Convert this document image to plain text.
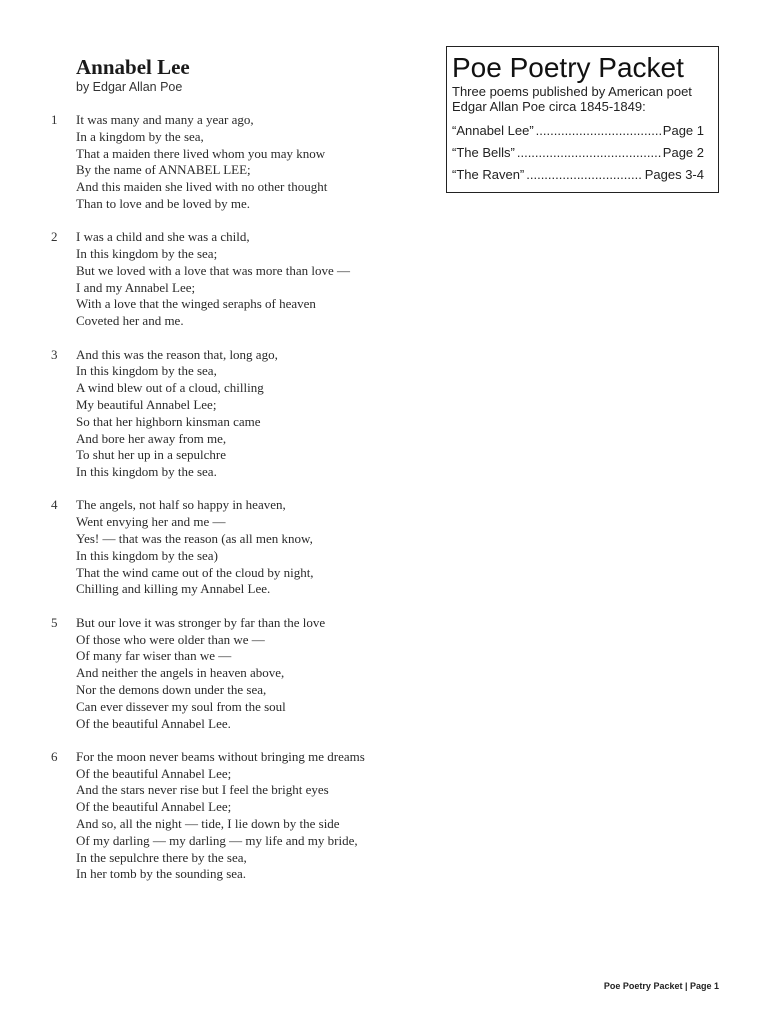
Annabel Lee
by Edgar Allan Poe
1 It was many and many a year ago,
In a kingdom by the sea,
That a maiden there lived whom you may know
By the name of ANNABEL LEE;
And this maiden she lived with no other thought
Than to love and be loved by me.
2 I was a child and she was a child,
In this kingdom by the sea;
But we loved with a love that was more than love —
I and my Annabel Lee;
With a love that the winged seraphs of heaven
Coveted her and me.
3 And this was the reason that, long ago,
In this kingdom by the sea,
A wind blew out of a cloud, chilling
My beautiful Annabel Lee;
So that her highborn kinsman came
And bore her away from me,
To shut her up in a sepulchre
In this kingdom by the sea.
4 The angels, not half so happy in heaven,
Went envying her and me —
Yes! — that was the reason (as all men know,
In this kingdom by the sea)
That the wind came out of the cloud by night,
Chilling and killing my Annabel Lee.
5 But our love it was stronger by far than the love
Of those who were older than we —
Of many far wiser than we —
And neither the angels in heaven above,
Nor the demons down under the sea,
Can ever dissever my soul from the soul
Of the beautiful Annabel Lee.
6 For the moon never beams without bringing me dreams
Of the beautiful Annabel Lee;
And the stars never rise but I feel the bright eyes
Of the beautiful Annabel Lee;
And so, all the night — tide, I lie down by the side
Of my darling — my darling — my life and my bride,
In the sepulchre there by the sea,
In her tomb by the sounding sea.
Poe Poetry Packet
Three poems published by American poet Edgar Allan Poe circa 1845-1849:
“Annabel Lee” .....	Page 1
“The Bells” .....	Page 2
“The Raven” .....	Pages 3-4
Poe Poetry Packet | Page 1
